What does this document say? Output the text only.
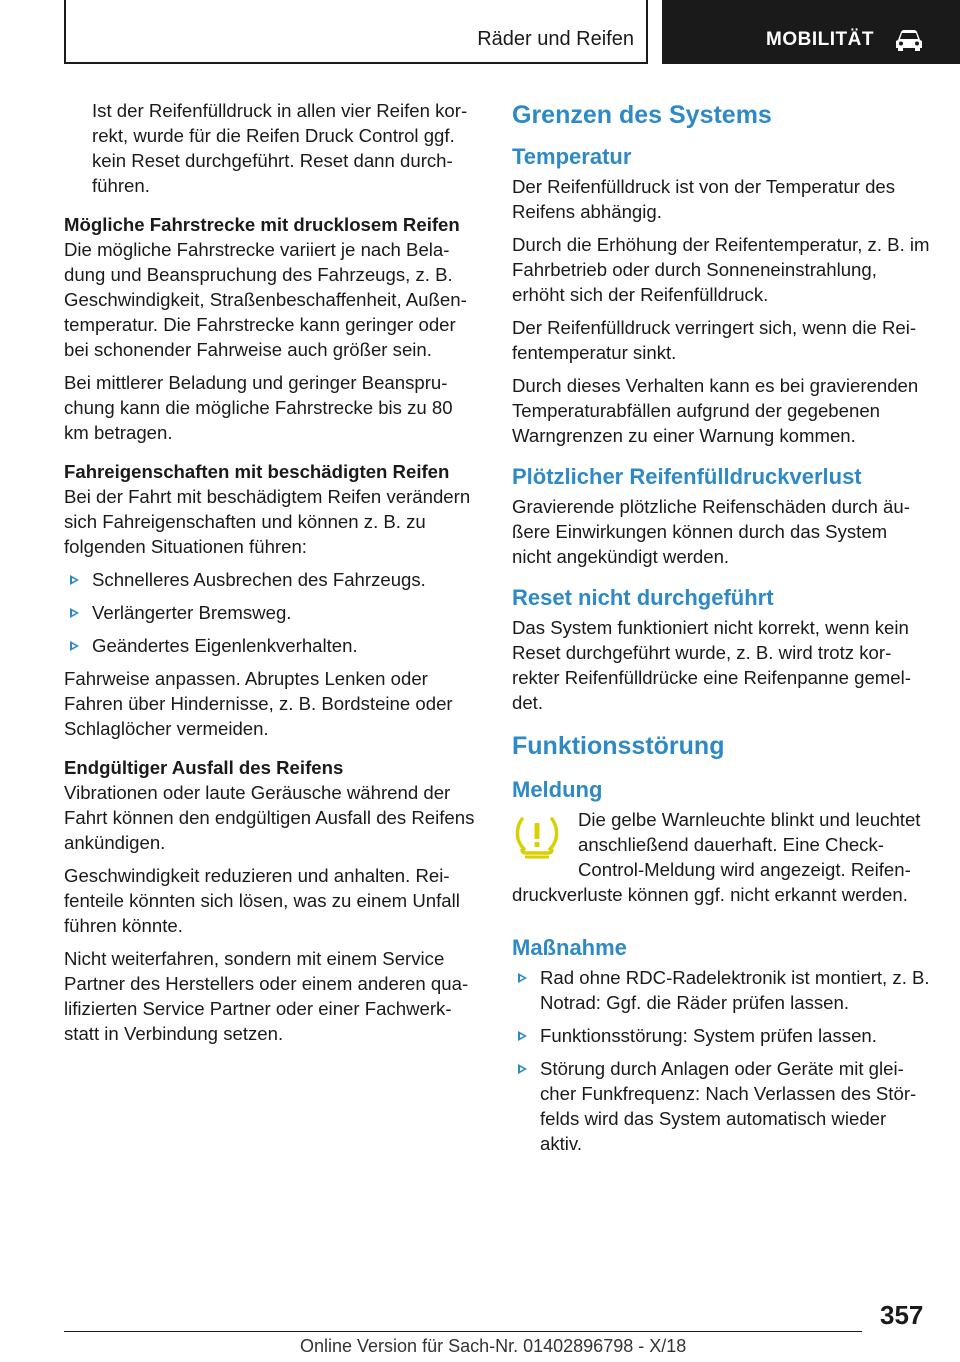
Räder und Reifen	MOBILITÄT

Ist der Reifenfülldruck in allen vier Reifen korrekt, wurde für die Reifen Druck Control ggf. kein Reset durchgeführt. Reset dann durchführen.

Mögliche Fahrstrecke mit drucklosem Reifen

Die mögliche Fahrstrecke variiert je nach Beladung und Beanspruchung des Fahrzeugs, z. B. Geschwindigkeit, Straßenbeschaffenheit, Außentemperatur. Die Fahrstrecke kann geringer oder bei schonender Fahrweise auch größer sein.

Bei mittlerer Beladung und geringer Beanspruchung kann die mögliche Fahrstrecke bis zu 80 km betragen.

Fahreigenschaften mit beschädigten Reifen

Bei der Fahrt mit beschädigtem Reifen verändern sich Fahreigenschaften und können z. B. zu folgenden Situationen führen:

Schnelleres Ausbrechen des Fahrzeugs.
Verlängerter Bremsweg.
Geändertes Eigenlenkverhalten.

Fahrweise anpassen. Abruptes Lenken oder Fahren über Hindernisse, z. B. Bordsteine oder Schlaglöcher vermeiden.

Endgültiger Ausfall des Reifens

Vibrationen oder laute Geräusche während der Fahrt können den endgültigen Ausfall des Reifens ankündigen.

Geschwindigkeit reduzieren und anhalten. Reifenteile könnten sich lösen, was zu einem Unfall führen könnte.

Nicht weiterfahren, sondern mit einem Service Partner des Herstellers oder einem anderen qualifizierten Service Partner oder einer Fachwerkstatt in Verbindung setzen.

Grenzen des Systems
Temperatur

Der Reifenfülldruck ist von der Temperatur des Reifens abhängig.

Durch die Erhöhung der Reifentemperatur, z. B. im Fahrbetrieb oder durch Sonneneinstrahlung, erhöht sich der Reifenfülldruck.

Der Reifenfülldruck verringert sich, wenn die Reifentemperatur sinkt.

Durch dieses Verhalten kann es bei gravierenden Temperaturabfällen aufgrund der gegebenen Warngrenzen zu einer Warnung kommen.

Plötzlicher Reifenfülldruckverlust

Gravierende plötzliche Reifenschäden durch äußere Einwirkungen können durch das System nicht angekündigt werden.

Reset nicht durchgeführt

Das System funktioniert nicht korrekt, wenn kein Reset durchgeführt wurde, z. B. wird trotz korrekter Reifenfülldrücke eine Reifenpanne gemeldet.

Funktionsstörung
Meldung

Die gelbe Warnleuchte blinkt und leuchtet anschließend dauerhaft. Eine Check-Control-Meldung wird angezeigt. Reifendruckverluste können ggf. nicht erkannt werden.

Maßnahme
Rad ohne RDC-Radelektronik ist montiert, z. B. Notrad: Ggf. die Räder prüfen lassen.
Funktionsstörung: System prüfen lassen.
Störung durch Anlagen oder Geräte mit gleicher Funkfrequenz: Nach Verlassen des Störfelds wird das System automatisch wieder aktiv.
357
Online Version für Sach-Nr. 01402896798 - X/18
